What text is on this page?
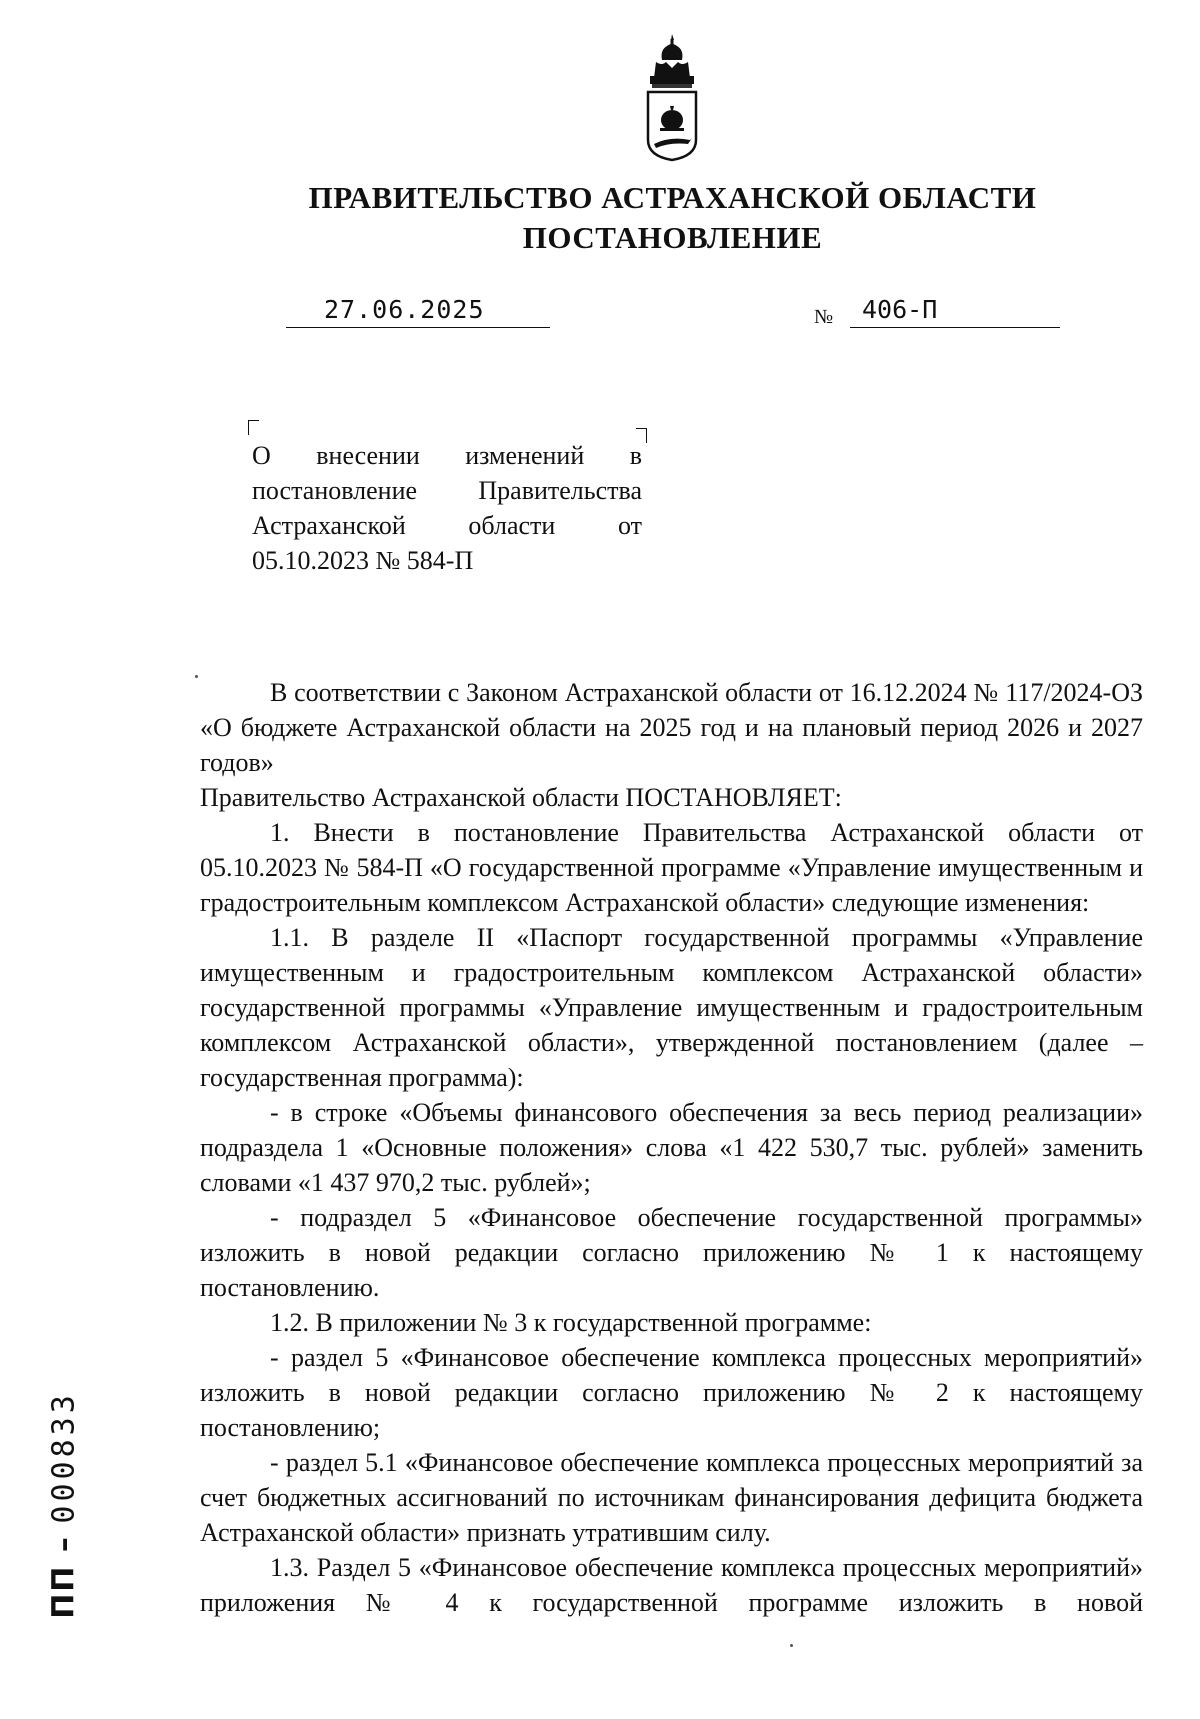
ПРАВИТЕЛЬСТВО АСТРАХАНСКОЙ ОБЛАСТИ
ПОСТАНОВЛЕНИЕ
27.06.2025	№ 406-П
О внесении изменений в постановление Правительства Астраханской области от 05.10.2023 № 584-П

В соответствии с Законом Астраханской области от 16.12.2024 № 117/2024-ОЗ «О бюджете Астраханской области на 2025 год и на плановый период 2026 и 2027 годов»

Правительство Астраханской области ПОСТАНОВЛЯЕТ:

1. Внести в постановление Правительства Астраханской области от 05.10.2023 № 584-П «О государственной программе «Управление имущественным и градостроительным комплексом Астраханской области» следующие изменения:

1.1. В разделе II «Паспорт государственной программы «Управление имущественным и градостроительным комплексом Астраханской области» государственной программы «Управление имущественным и градостроительным комплексом Астраханской области», утвержденной постановлением (далее – государственная программа):

- в строке «Объемы финансового обеспечения за весь период реализации» подраздела 1 «Основные положения» слова «1 422 530,7 тыс. рублей» заменить словами «1 437 970,2 тыс. рублей»;

- подраздел 5 «Финансовое обеспечение государственной программы» изложить в новой редакции согласно приложению № 1 к настоящему постановлению.

1.2. В приложении № 3 к государственной программе:

- раздел 5 «Финансовое обеспечение комплекса процессных мероприятий» изложить в новой редакции согласно приложению № 2 к настоящему постановлению;

- раздел 5.1 «Финансовое обеспечение комплекса процессных мероприятий за счет бюджетных ассигнований по источникам финансирования дефицита бюджета Астраханской области» признать утратившим силу.

1.3. Раздел 5 «Финансовое обеспечение комплекса процессных мероприятий» приложения № 4 к государственной программе изложить в новой

ПП – 000833
